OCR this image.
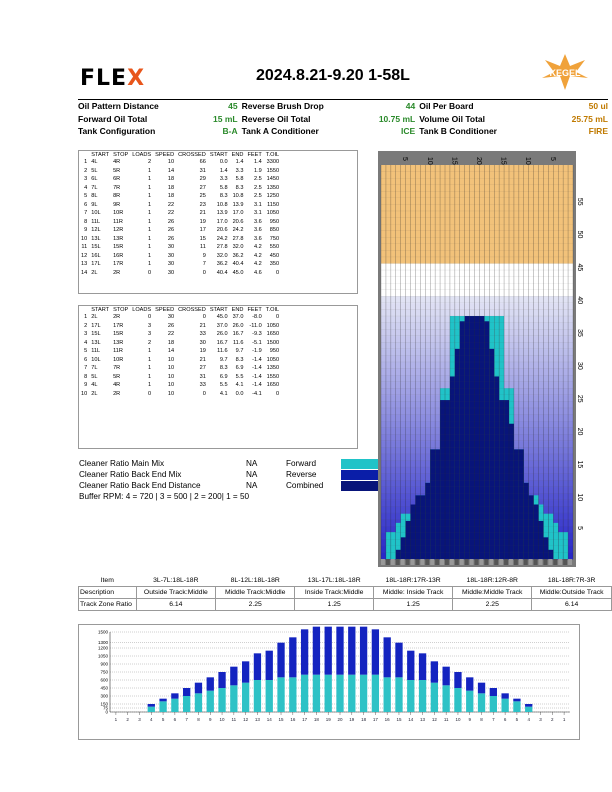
FLEX	2024.8.21-9.20 1-58L	KEGEL
Oil Pattern Distance	45	Reverse Brush Drop	44	Oil Per Board	50 ul
Forward Oil Total	15 mL	Reverse Oil Total	10.75 mL	Volume Oil Total	25.75 mL
Tank Configuration	B-A	Tank A Conditioner	ICE	Tank B Conditioner	FIRE
	START	STOP	LOADS	SPEED	CROSSED	START	END	FEET	T.OIL
1	4L	4R	2	10	66	0.0	1.4	1.4	3300
2	5L	5R	1	14	31	1.4	3.3	1.9	1550
3	6L	6R	1	18	29	3.3	5.8	2.5	1450
4	7L	7R	1	18	27	5.8	8.3	2.5	1350
5	8L	8R	1	18	25	8.3	10.8	2.5	1250
6	9L	9R	1	22	23	10.8	13.9	3.1	1150
7	10L	10R	1	22	21	13.9	17.0	3.1	1050
8	11L	11R	1	26	19	17.0	20.6	3.6	950
9	12L	12R	1	26	17	20.6	24.2	3.6	850
10	13L	13R	1	26	15	24.2	27.8	3.6	750
11	15L	15R	1	30	11	27.8	32.0	4.2	550
12	16L	16R	1	30	9	32.0	36.2	4.2	450
13	17L	17R	1	30	7	36.2	40.4	4.2	350
14	2L	2R	0	30	0	40.4	45.0	4.6	0
	START	STOP	LOADS	SPEED	CROSSED	START	END	FEET	T.OIL
1	2L	2R	0	30	0	45.0	37.0	-8.0	0
2	17L	17R	3	26	21	37.0	26.0	-11.0	1050
3	15L	15R	3	22	33	26.0	16.7	-9.3	1650
4	13L	13R	2	18	30	16.7	11.6	-5.1	1500
5	11L	11R	1	14	19	11.6	9.7	-1.9	950
6	10L	10R	1	10	21	9.7	8.3	-1.4	1050
7	7L	7R	1	10	27	8.3	6.9	-1.4	1350
8	5L	5R	1	10	31	6.9	5.5	-1.4	1550
9	4L	4R	1	10	33	5.5	4.1	-1.4	1650
10	2L	2R	0	10	0	4.1	0.0	-4.1	0
Cleaner Ratio Main Mix	NA	Forward
Cleaner Ratio Back End Mix	NA	Reverse
Cleaner Ratio Back End Distance	NA	Combined
Buffer RPM: 4 = 720 | 3 = 500 | 2 = 200| 1 = 50
5
10
15
20
25
30
35
40
45
50
55
5	10	15	20	15	10	5
Item	3L-7L:18L-18R	8L-12L:18L-18R	13L-17L:18L-18R	18L-18R:17R-13R	18L-18R:12R-8R	18L-18R:7R-3R
Description	Outside Track:Middle	Middle Track:Middle	Inside Track:Middle	Middle: Inside Track	Middle:Middle Track	Middle:Outside Track
Track Zone Ratio	6.14	2.25	1.25	1.25	2.25	6.14
0
75
150
300
450
600
750
900
1050
1200
1300
1500
1 2 3 4 5 6 7 8 9 10 11 12 13 14 15 16 17 18 19 20 19 18 17 16 15 14 13 12 11 10 9 8 7 6 5 4 3 2 1
